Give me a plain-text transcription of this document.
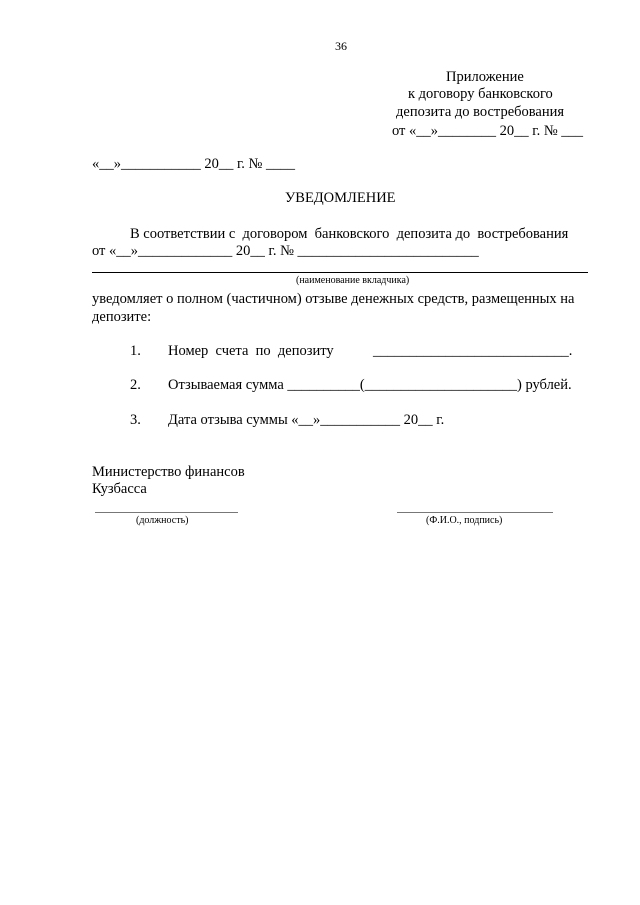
36
Приложение
к договору банковского
депозита до востребования
от «__»________ 20__ г. № ___
«__»___________ 20__ г. № ____
УВЕДОМЛЕНИЕ
В соответствии с  договором  банковского  депозита до  востребования
от «__»_____________ 20__ г. № _________________________
(наименование вкладчика)
уведомляет о полном (частичном) отзыве денежных средств, размещенных на
депозите:
1. Номер  счета  по  депозиту	___________________________.
2. Отзываемая сумма __________(_____________________) рублей.
3. Дата отзыва суммы «__»___________ 20__ г.
Министерство финансов
Кузбасса
(должность)	(Ф.И.О., подпись)
